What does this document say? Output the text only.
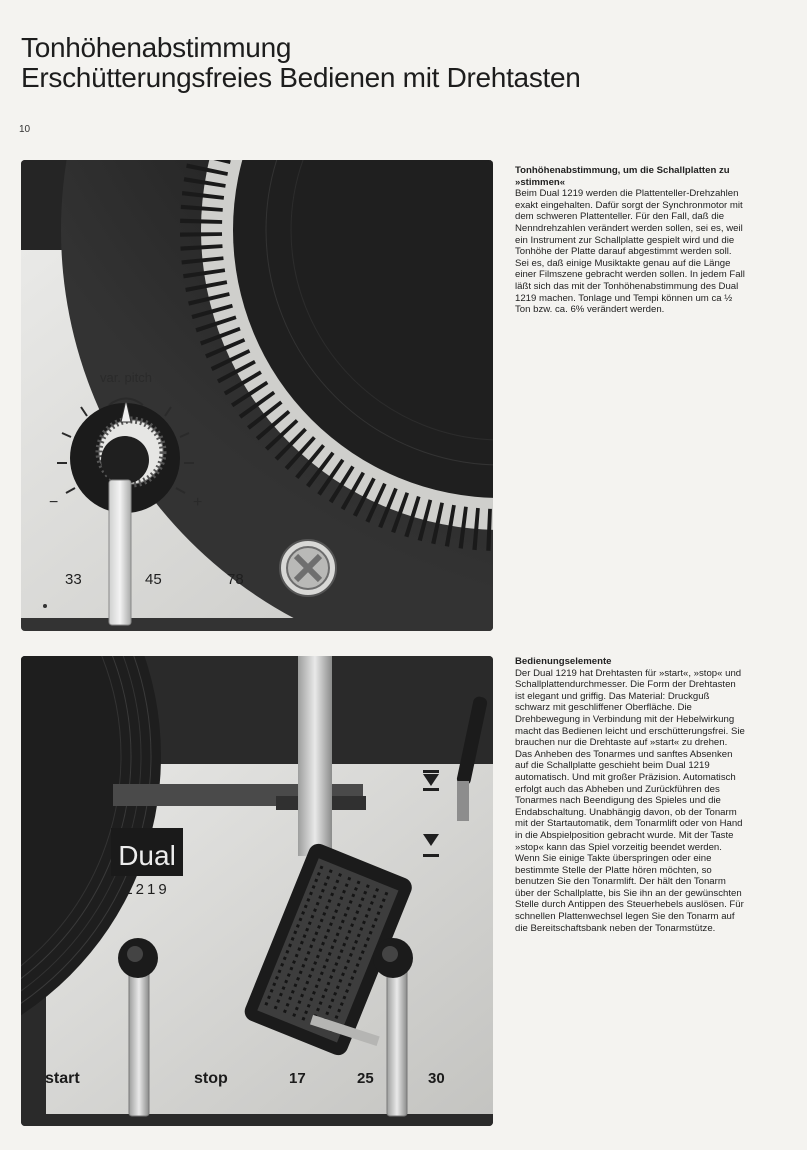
Tonhöhenabstimmung
Erschütterungsfreies Bedienen mit Drehtasten
10
var. pitch
−	+
33	45	78
Dual
1219
start	stop	17	25	30
Tonhöhenabstimmung, um die Schallplatten zu »stimmen«

Beim Dual 1219 werden die Plattenteller-Drehzahlen exakt eingehalten. Dafür sorgt der Synchronmotor mit dem schweren Plattenteller. Für den Fall, daß die Nenndrehzahlen verändert werden sollen, sei es, weil ein Instrument zur Schallplatte gespielt wird und die Tonhöhe der Platte darauf abgestimmt werden soll. Sei es, daß einige Musiktakte genau auf die Länge einer Filmszene gebracht werden sollen. In jedem Fall läßt sich das mit der Tonhöhenabstimmung des Dual 1219 machen. Tonlage und Tempi können um ca ½ Ton bzw. ca. 6% verändert werden.

Bedienungselemente

Der Dual 1219 hat Drehtasten für »start«, »stop« und Schallplattendurchmesser. Die Form der Drehtasten ist elegant und griffig. Das Material: Druckguß schwarz mit geschliffener Oberfläche. Die Drehbewegung in Verbindung mit der Hebelwirkung macht das Bedienen leicht und erschütterungsfrei. Sie brauchen nur die Drehtaste auf »start« zu drehen. Das Anheben des Tonarmes und sanftes Absenken auf die Schallplatte geschieht beim Dual 1219 automatisch. Und mit großer Präzision. Automatisch erfolgt auch das Abheben und Zurückführen des Tonarmes nach Beendigung des Spieles und die Endabschaltung. Unabhängig davon, ob der Tonarm mit der Startautomatik, dem Tonarmlift oder von Hand in die Abspielposition gebracht wurde. Mit der Taste »stop« kann das Spiel vorzeitig beendet werden. Wenn Sie einige Takte überspringen oder eine bestimmte Stelle der Platte hören möchten, so benutzen Sie den Tonarmlift. Der hält den Tonarm über der Schallplatte, bis Sie ihn an der gewünschten Stelle durch Antippen des Steuerhebels auslösen. Für schnellen Plattenwechsel legen Sie den Tonarm auf die Bereitschaftsbank neben der Tonarmstütze.
